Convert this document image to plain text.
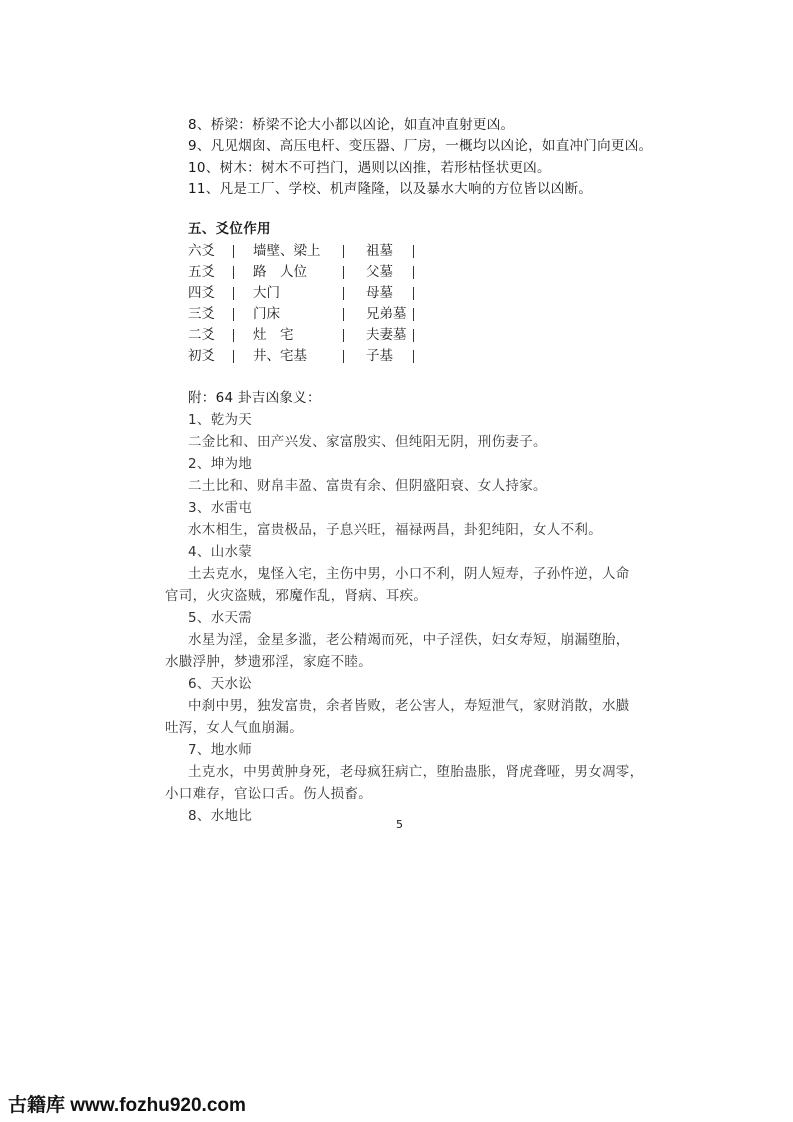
8、桥梁：桥梁不论大小都以凶论，如直冲直射更凶。
9、凡见烟囱、高压电杆、变压器、厂房，一概均以凶论，如直冲门向更凶。
10、树木：树木不可挡门，遇则以凶推，若形枯怪状更凶。
11、凡是工厂、学校、机声隆隆，以及暴水大响的方位皆以凶断。
五、爻位作用
六爻	墙壁、梁上	祖墓
五爻	路　人位	父墓
四爻	大门	母墓
三爻	门床	兄弟墓
二爻	灶　宅	夫妻墓
初爻	井、宅基	子基
附：64 卦吉凶象义：
1、乾为天
二金比和、田产兴发、家富殷实、但纯阳无阴，刑伤妻子。
2、坤为地
二土比和、财帛丰盈、富贵有余、但阴盛阳衰、女人持家。
3、水雷屯
水木相生，富贵极品，子息兴旺，福禄两昌，卦犯纯阳，女人不利。
4、山水蒙
土去克水，鬼怪入宅，主伤中男，小口不利，阴人短寿，子孙忤逆，人命
官司，火灾盗贼，邪魔作乱，肾病、耳疾。
5、水天需
水星为淫，金星多滥，老公精竭而死，中子淫佚，妇女寿短，崩漏堕胎，
水臌浮肿，梦遗邪淫，家庭不睦。
6、天水讼
中刹中男，独发富贵，余者皆败，老公害人，寿短泄气，家财消散，水臌
吐泻，女人气血崩漏。
7、地水师
土克水，中男黄肿身死，老母疯狂病亡，堕胎蛊胀，肾虎聋哑，男女凋零，
小口难存，官讼口舌。伤人损畜。
8、水地比
5
古籍库 www.fozhu920.com
